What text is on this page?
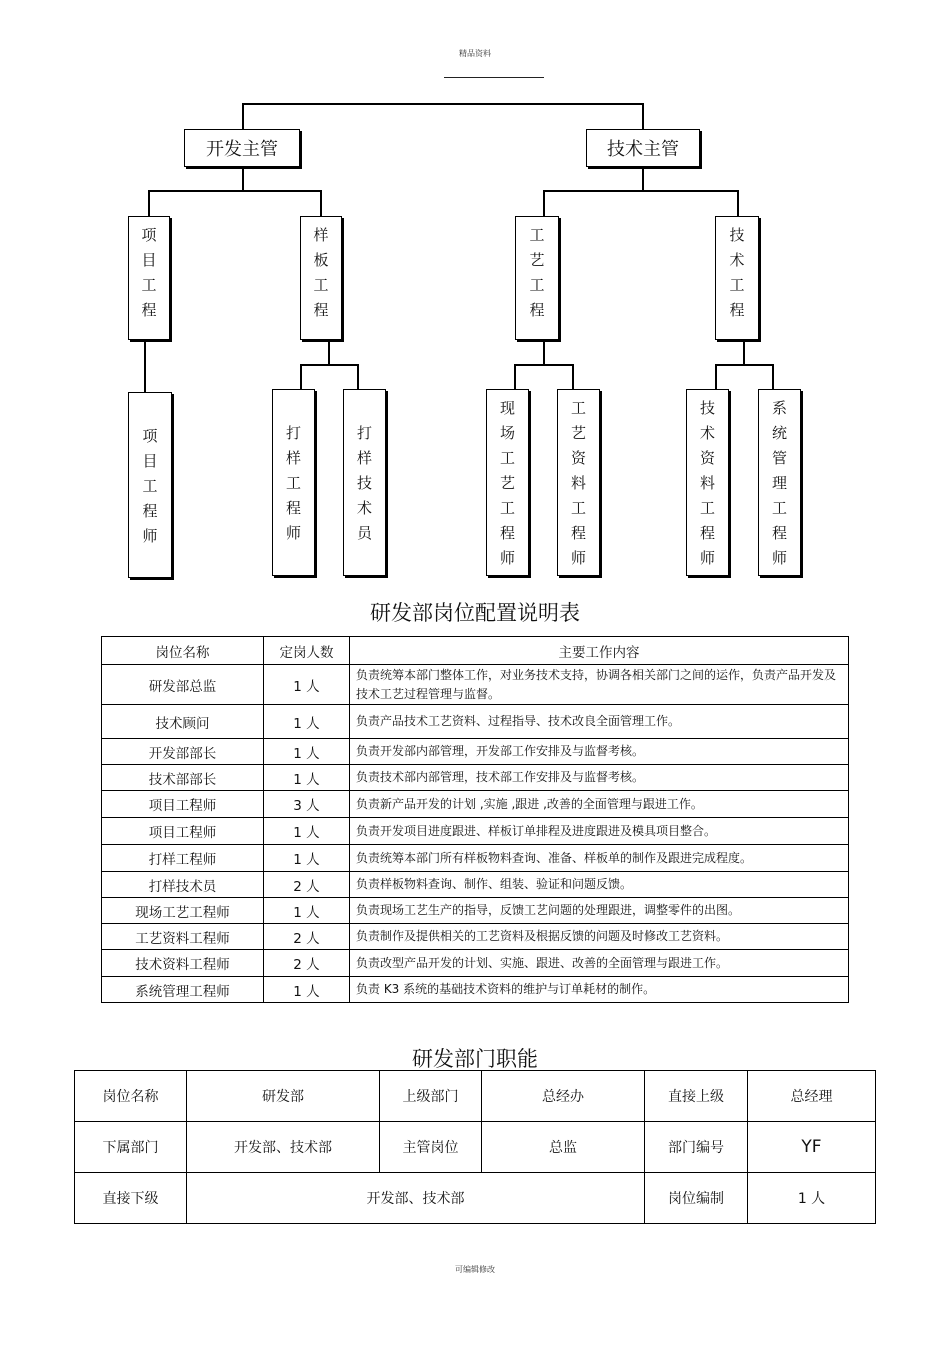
精品资料
开发主管	技术主管
项目工程
样板工程
工艺工程
技术工程
项目工程师
打样工程师
打样技术员
现场工艺工程师
工艺资料工程师
技术资料工程师
系统管理工程师
研发部岗位配置说明表
岗位名称	定岗人数	主要工作内容
研发部总监	1 人	负责统筹本部门整体工作，对业务技术支持，协调各相关部门之间的运作，负责产品开发及技术工艺过程管理与监督。
技术顾问	1 人	负责产品技术工艺资料、过程指导、技术改良全面管理工作。
开发部部长	1 人	负责开发部内部管理，开发部工作安排及与监督考核。
技术部部长	1 人	负责技术部内部管理，技术部工作安排及与监督考核。
项目工程师	3 人	负责新产品开发的计划 ,实施 ,跟进 ,改善的全面管理与跟进工作。
项目工程师	1 人	负责开发项目进度跟进、样板订单排程及进度跟进及模具项目整合。
打样工程师	1 人	负责统筹本部门所有样板物料查询、准备、样板单的制作及跟进完成程度。
打样技术员	2 人	负责样板物料查询、制作、组装、验证和问题反馈。
现场工艺工程师	1 人	负责现场工艺生产的指导，反馈工艺问题的处理跟进，调整零件的出图。
工艺资料工程师	2 人	负责制作及提供相关的工艺资料及根据反馈的问题及时修改工艺资料。
技术资料工程师	2 人	负责改型产品开发的计划、实施、跟进、改善的全面管理与跟进工作。
系统管理工程师	1 人	负责 K3 系统的基础技术资料的维护与订单耗材的制作。
研发部门职能
岗位名称	研发部	上级部门	总经办	直接上级	总经理
下属部门	开发部、技术部	主管岗位	总监	部门编号	YF
直接下级	开发部、技术部			岗位编制	1 人
可编辑修改
